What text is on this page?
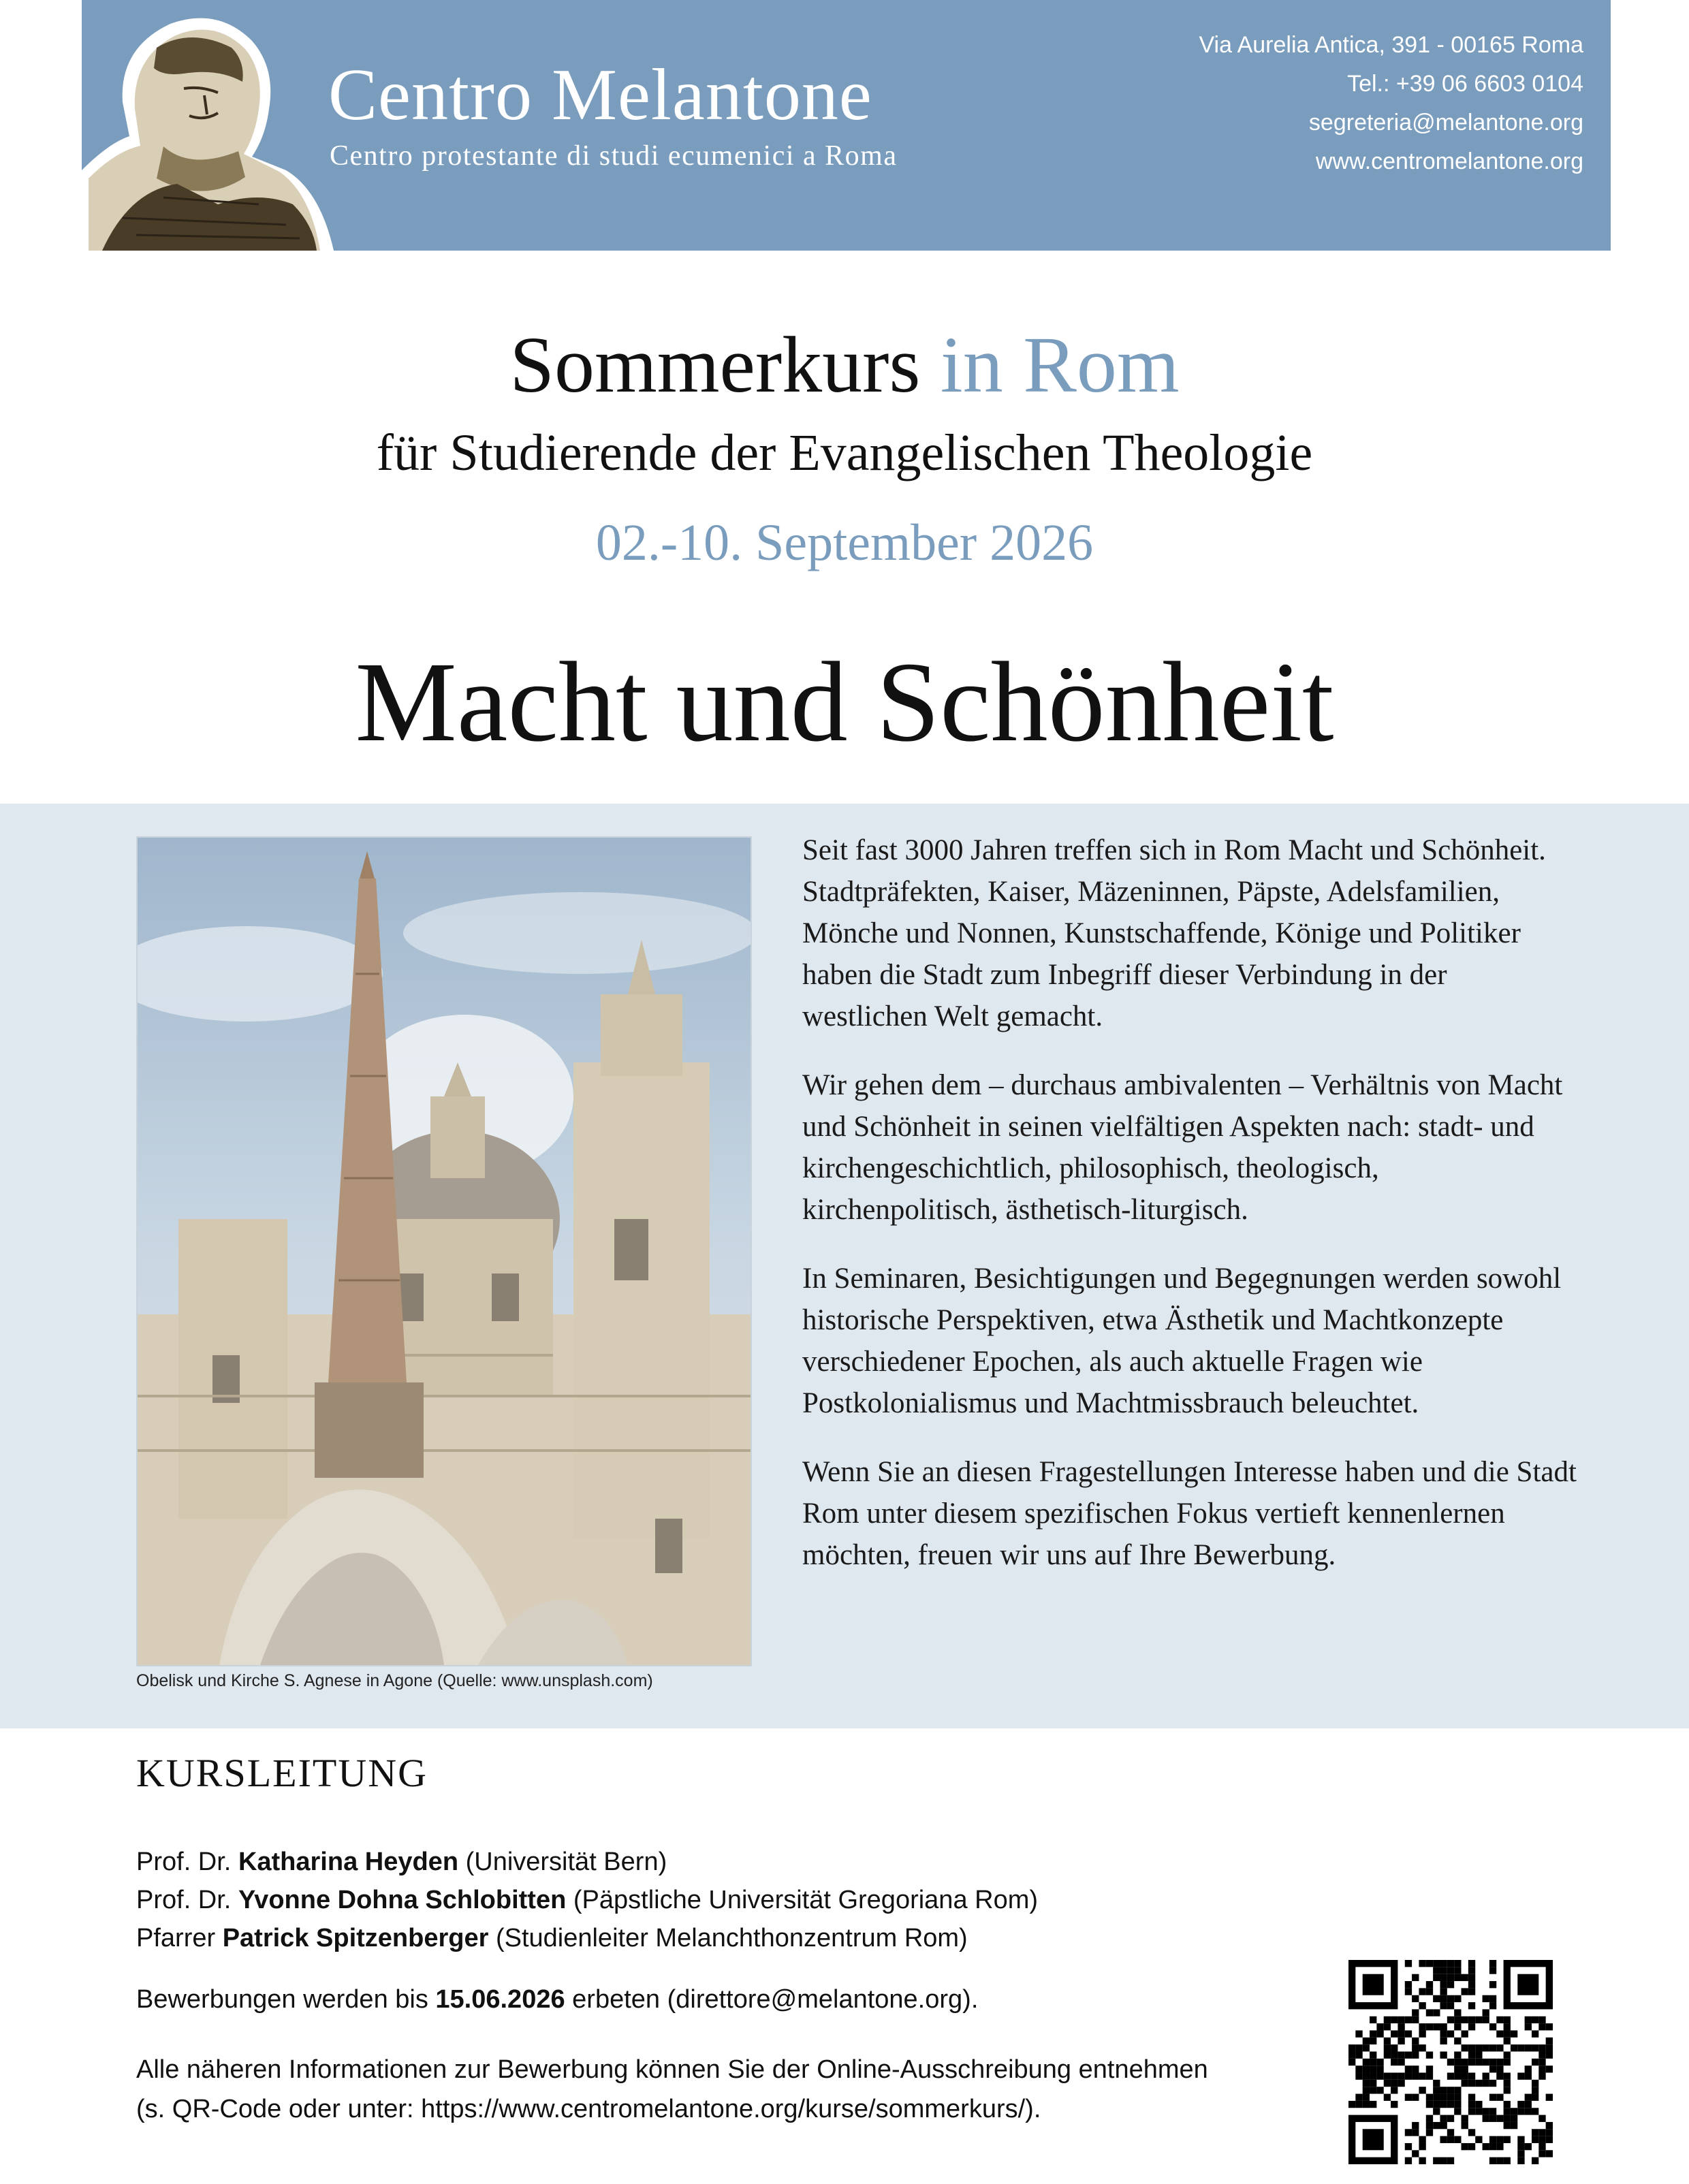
Centro Melantone
Centro protestante di studi ecumenici a Roma
Via Aurelia Antica, 391 - 00165 Roma
Tel.: +39 06 6603 0104
segreteria@melantone.org
www.centromelantone.org
Sommerkurs in Rom
für Studierende der Evangelischen Theologie
02.-10. September 2026
Macht und Schönheit
Obelisk und Kirche S. Agnese in Agone (Quelle: www.unsplash.com)

Seit fast 3000 Jahren treffen sich in Rom Macht und Schönheit. Stadtpräfekten, Kaiser, Mäzeninnen, Päpste, Adelsfamilien, Mönche und Nonnen, Kunstschaffende, Könige und Politiker haben die Stadt zum Inbegriff dieser Verbindung in der westlichen Welt gemacht.

Wir gehen dem – durchaus ambivalenten – Verhältnis von Macht und Schönheit in seinen vielfältigen Aspekten nach: stadt- und kirchengeschichtlich, philosophisch, theologisch, kirchenpolitisch, ästhetisch-liturgisch.

In Seminaren, Besichtigungen und Begegnungen werden sowohl historische Perspektiven, etwa Ästhetik und Machtkonzepte verschiedener Epochen, als auch aktuelle Fragen wie Postkolonialismus und Machtmissbrauch beleuchtet.

Wenn Sie an diesen Fragestellungen Interesse haben und die Stadt Rom unter diesem spezifischen Fokus vertieft kennenlernen möchten, freuen wir uns auf Ihre Bewerbung.

KURSLEITUNG
Prof. Dr. Katharina Heyden (Universität Bern)
Prof. Dr. Yvonne Dohna Schlobitten (Päpstliche Universität Gregoriana Rom)
Pfarrer Patrick Spitzenberger (Studienleiter Melanchthonzentrum Rom)
Bewerbungen werden bis 15.06.2026 erbeten (direttore@melantone.org).
Alle näheren Informationen zur Bewerbung können Sie der Online-Ausschreibung entnehmen
(s. QR-Code oder unter: https://www.centromelantone.org/kurse/sommerkurs/).
